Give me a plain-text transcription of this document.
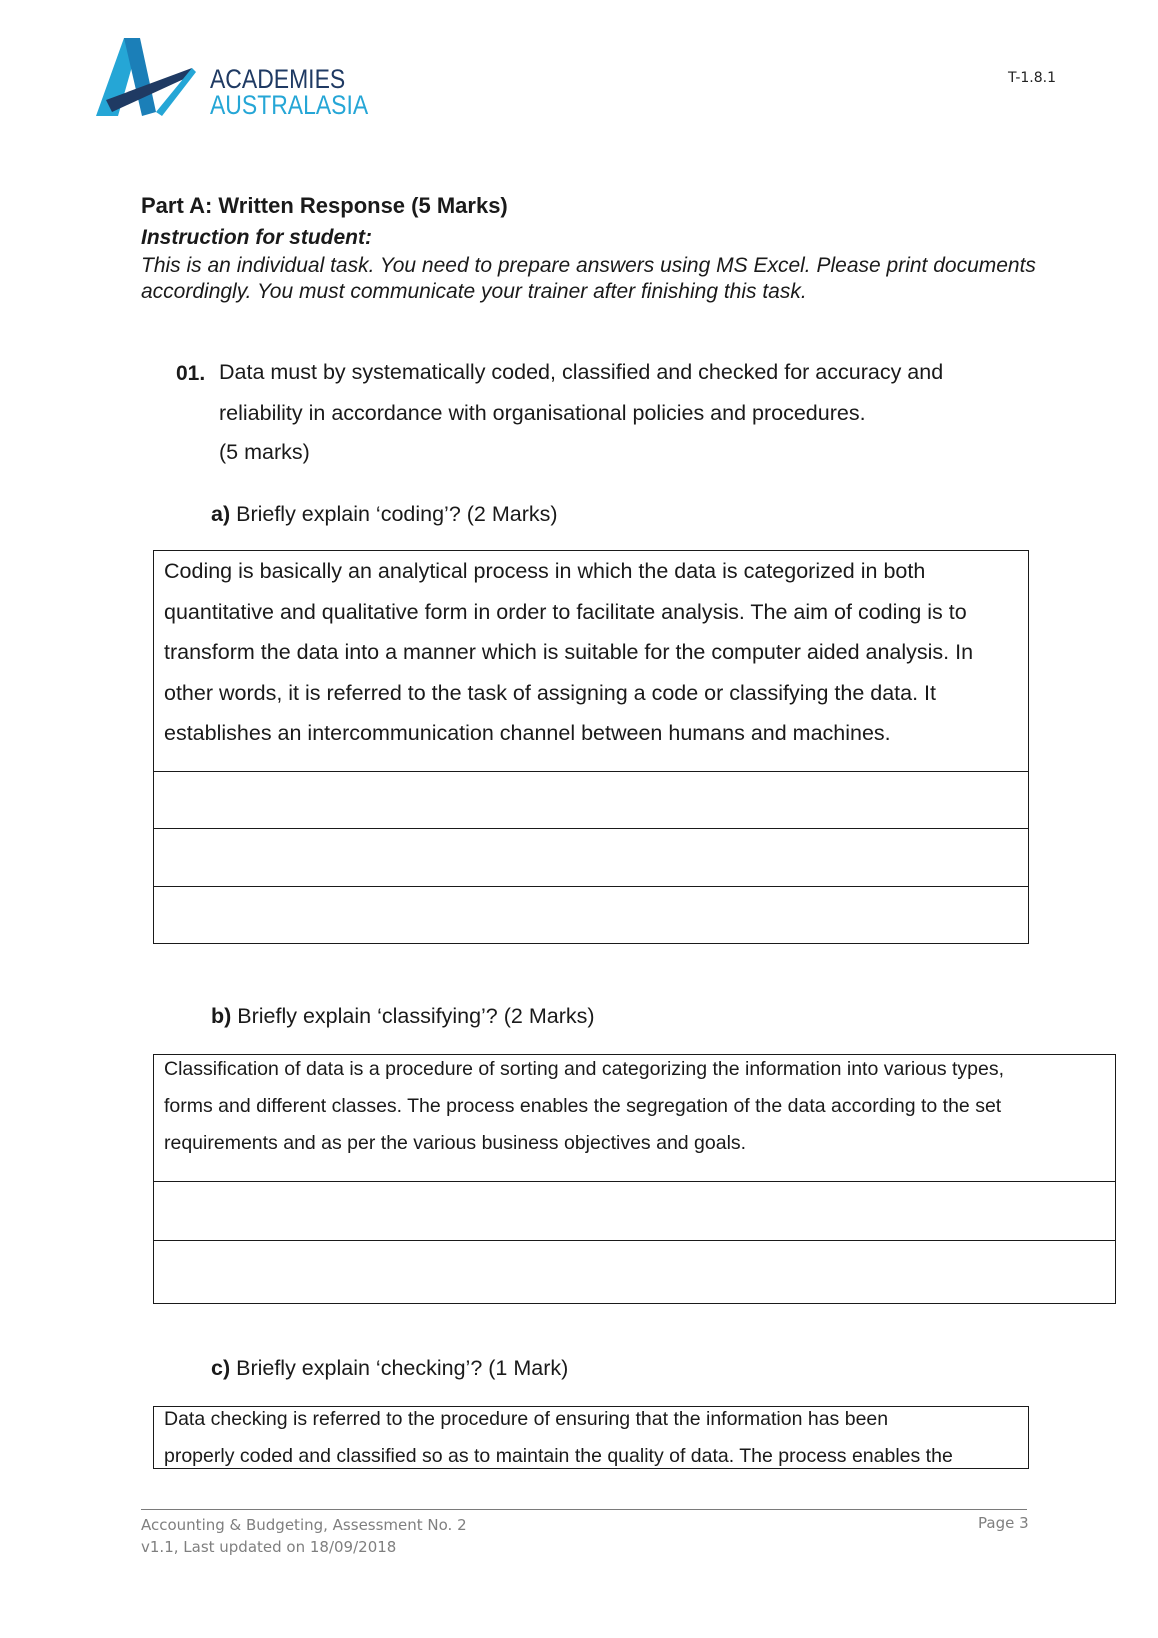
ACADEMIES
AUSTRALASIA
T-1.8.1
Part A: Written Response (5 Marks)
Instruction for student:
This is an individual task. You need to prepare answers using MS Excel. Please print documents accordingly. You must communicate your trainer after finishing this task.
01. Data must by systematically coded, classified and checked for accuracy and
reliability in accordance with organisational policies and procedures.
(5 marks)
a) Briefly explain ‘coding’? (2 Marks)
Coding is basically an analytical process in which the data is categorized in both
quantitative and qualitative form in order to facilitate analysis. The aim of coding is to
transform the data into a manner which is suitable for the computer aided analysis. In
other words, it is referred to the task of assigning a code or classifying the data. It
establishes an intercommunication channel between humans and machines.
b) Briefly explain ‘classifying’? (2 Marks)
Classification of data is a procedure of sorting and categorizing the information into various types,
forms and different classes. The process enables the segregation of the data according to the set
requirements and as per the various business objectives and goals.
c) Briefly explain ‘checking’? (1 Mark)
Data checking is referred to the procedure of ensuring that the information has been
properly coded and classified so as to maintain the quality of data. The process enables the
Accounting & Budgeting, Assessment No. 2
v1.1, Last updated on 18/09/2018
Page 3
